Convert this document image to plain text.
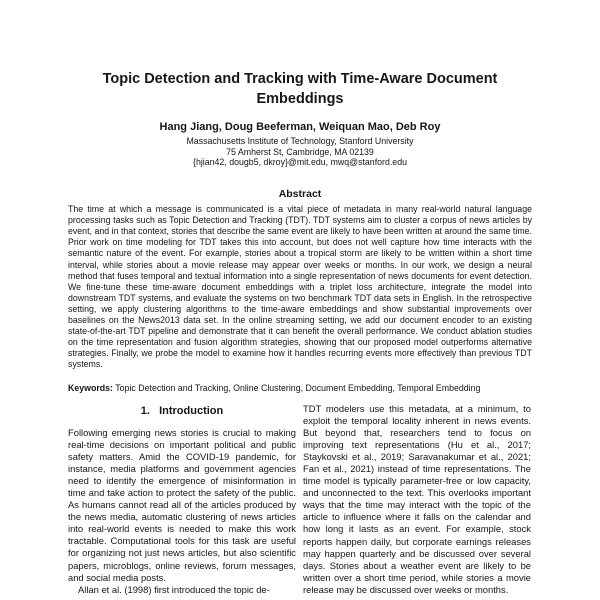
Topic Detection and Tracking with Time-Aware Document
Embeddings
Hang Jiang, Doug Beeferman, Weiquan Mao, Deb Roy
Massachusetts Institute of Technology, Stanford University
75 Amherst St, Cambridge, MA 02139
{hjian42, dougb5, dkroy}@mit.edu, mwq@stanford.edu
Abstract
The time at which a message is communicated is a vital piece of metadata in many real-world natural language processing tasks such as Topic Detection and Tracking (TDT). TDT systems aim to cluster a corpus of news articles by event, and in that context, stories that describe the same event are likely to have been written at around the same time. Prior work on time modeling for TDT takes this into account, but does not well capture how time interacts with the semantic nature of the event. For example, stories about a tropical storm are likely to be written within a short time interval, while stories about a movie release may appear over weeks or months. In our work, we design a neural method that fuses temporal and textual information into a single representation of news documents for event detection. We fine-tune these time-aware document embeddings with a triplet loss architecture, integrate the model into downstream TDT systems, and evaluate the systems on two benchmark TDT data sets in English. In the retrospective setting, we apply clustering algorithms to the time-aware embeddings and show substantial improvements over baselines on the News2013 data set. In the online streaming setting, we add our document encoder to an existing state-of-the-art TDT pipeline and demonstrate that it can benefit the overall performance. We conduct ablation studies on the time representation and fusion algorithm strategies, showing that our proposed model outperforms alternative strategies. Finally, we probe the model to examine how it handles recurring events more effectively than previous TDT systems.
Keywords: Topic Detection and Tracking, Online Clustering, Document Embedding, Temporal Embedding
1.   Introduction

Following emerging news stories is crucial to making real-time decisions on important political and public safety matters. Amid the COVID-19 pandemic, for instance, media platforms and government agencies need to identify the emergence of misinformation in time and take action to protect the safety of the public. As humans cannot read all of the articles produced by the news media, automatic clustering of news articles into real-world events is needed to make this work tractable. Computational tools for this task are useful for organizing not just news articles, but also scientific papers, microblogs, online reviews, forum messages, and social media posts.

Allan et al. (1998) first introduced the topic de-

TDT modelers use this metadata, at a minimum, to exploit the temporal locality inherent in news events. But beyond that, researchers tend to focus on improving text representations (Hu et al., 2017; Staykovski et al., 2019; Saravanakumar et al., 2021; Fan et al., 2021) instead of time representations. The time model is typically parameter-free or low capacity, and unconnected to the text. This overlooks important ways that the time may interact with the topic of the article to influence where it falls on the calendar and how long it lasts as an event. For example, stock reports happen daily, but corporate earnings releases may happen quarterly and be discussed over several days. Stories about a weather event are likely to be written over a short time period, while stories a movie release may be discussed over weeks or months.
